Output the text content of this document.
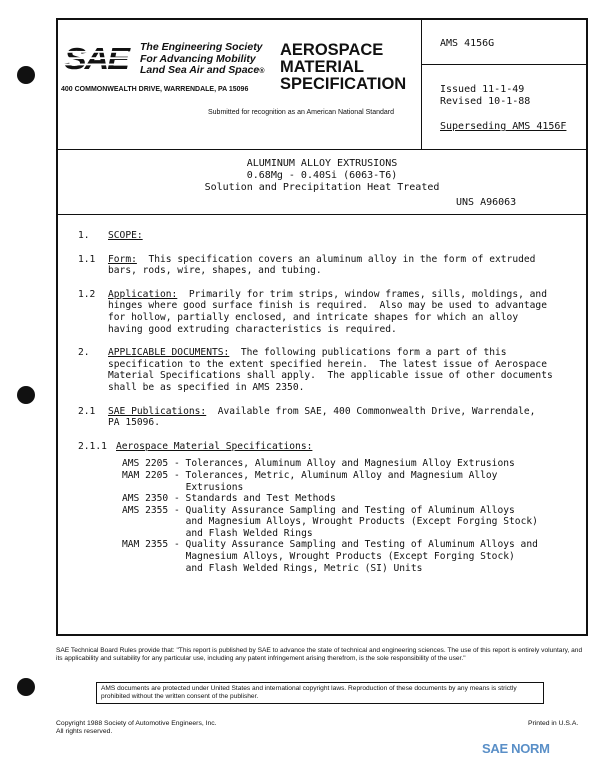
The Engineering Society
For Advancing Mobility
Land Sea Air and Space®
400 COMMONWEALTH DRIVE, WARRENDALE, PA 15096
AEROSPACE
MATERIAL
SPECIFICATION
Submitted for recognition as an American National Standard
AMS 4156G
Issued 11-1-49
Revised 10-1-88
Superseding AMS 4156F
ALUMINUM ALLOY EXTRUSIONS
0.68Mg - 0.40Si (6063-T6)
Solution and Precipitation Heat Treated
UNS A96063
1. SCOPE:
1.1 Form:  This specification covers an aluminum alloy in the form of extruded
bars, rods, wire, shapes, and tubing.
1.2 Application:  Primarily for trim strips, window frames, sills, moldings, and
hinges where good surface finish is required.  Also may be used to advantage
for hollow, partially enclosed, and intricate shapes for which an alloy
having good extruding characteristics is required.
2. APPLICABLE DOCUMENTS:  The following publications form a part of this
specification to the extent specified herein.  The latest issue of Aerospace
Material Specifications shall apply.  The applicable issue of other documents
shall be as specified in AMS 2350.
2.1 SAE Publications:  Available from SAE, 400 Commonwealth Drive, Warrendale,
PA 15096.
2.1.1 Aerospace Material Specifications:
AMS 2205 - Tolerances, Aluminum Alloy and Magnesium Alloy Extrusions
MAM 2205 - Tolerances, Metric, Aluminum Alloy and Magnesium Alloy
Extrusions
AMS 2350 - Standards and Test Methods
AMS 2355 - Quality Assurance Sampling and Testing of Aluminum Alloys
and Magnesium Alloys, Wrought Products (Except Forging Stock)
and Flash Welded Rings
MAM 2355 - Quality Assurance Sampling and Testing of Aluminum Alloys and
Magnesium Alloys, Wrought Products (Except Forging Stock)
and Flash Welded Rings, Metric (SI) Units
SAE Technical Board Rules provide that: "This report is published by SAE to advance the state of technical and engineering sciences. The use of this report is entirely voluntary, and its applicability and suitability for any particular use, including any patent infringement arising therefrom, is the sole responsibility of the user."
AMS documents are protected under United States and international copyright laws. Reproduction of these documents by any means is strictly prohibited without the written consent of the publisher.
Copyright 1988 Society of Automotive Engineers, Inc.
All rights reserved.
Printed in U.S.A.
SAE NORM
